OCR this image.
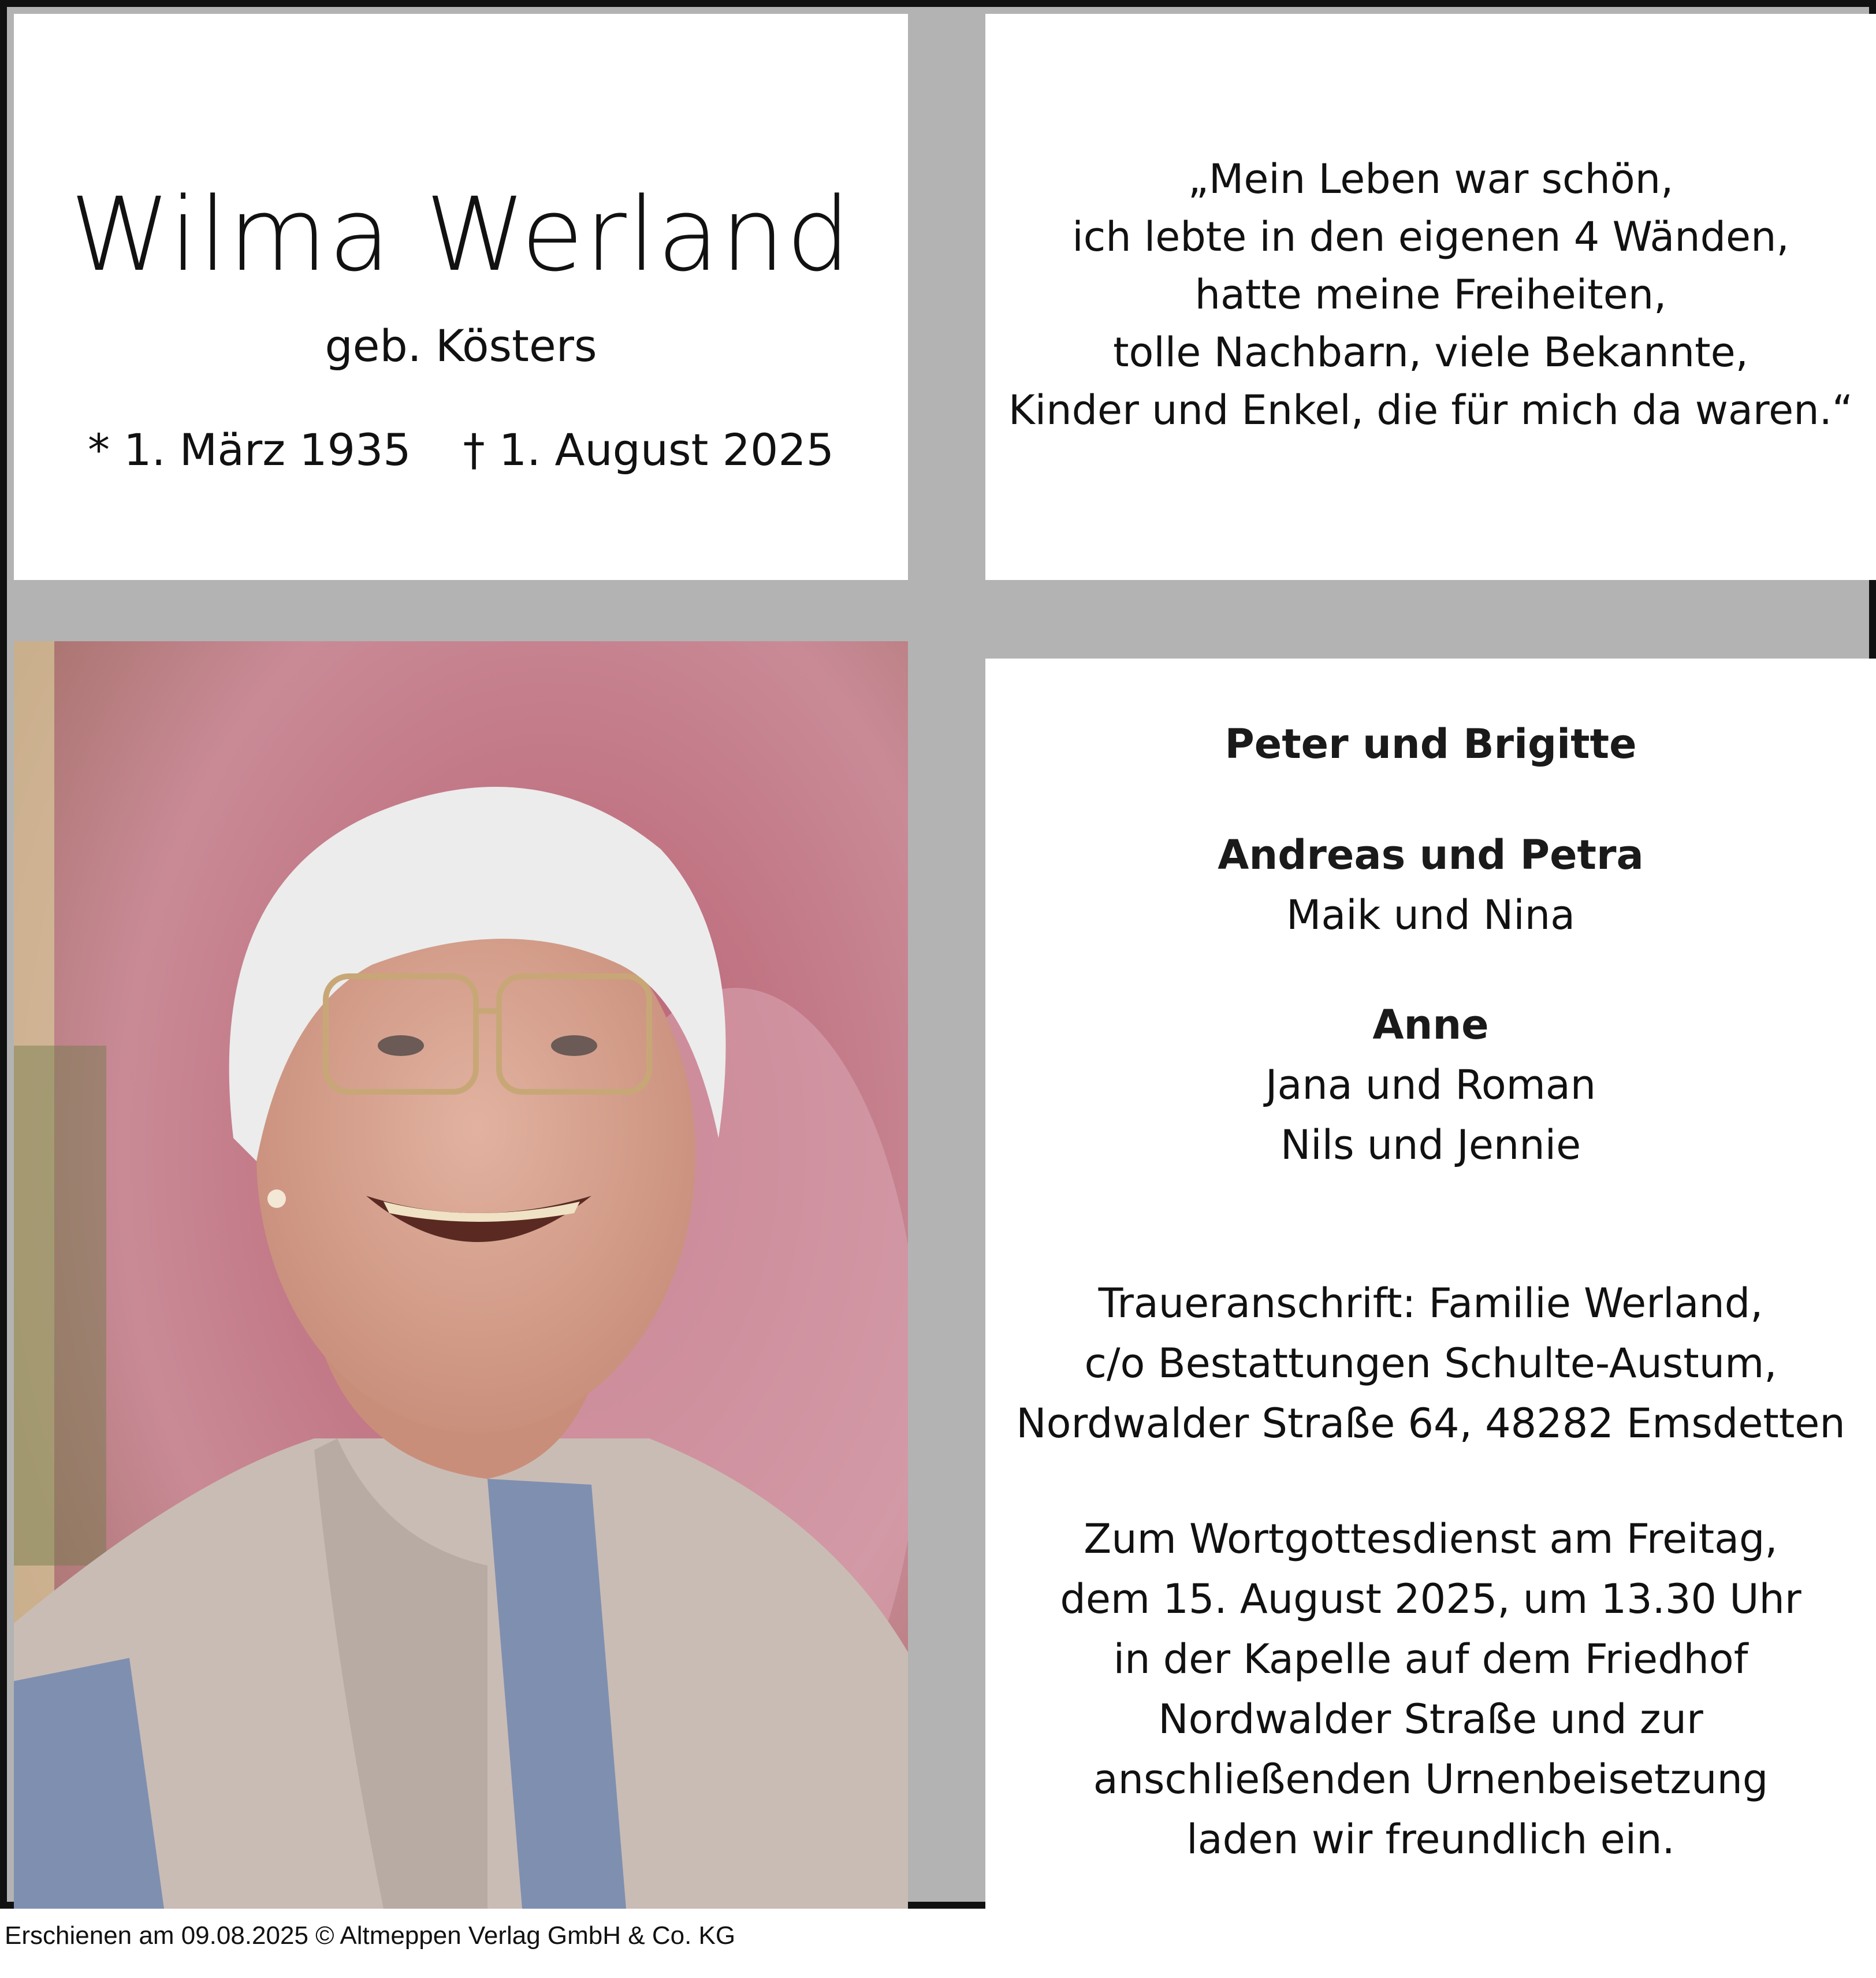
Wilma Werland
geb. Kösters
* 1. März 1935 † 1. August 2025
„Mein Leben war schön,
ich lebte in den eigenen 4 Wänden,
hatte meine Freiheiten,
tolle Nachbarn, viele Bekannte,
Kinder und Enkel, die für mich da waren.“
Peter und Brigitte
Andreas und Petra
Maik und Nina
Anne
Jana und Roman
Nils und Jennie
Traueranschrift: Familie Werland,
c/o Bestattungen Schulte-Austum,
Nordwalder Straße 64, 48282 Emsdetten
Zum Wortgottesdienst am Freitag,
dem 15. August 2025, um 13.30 Uhr
in der Kapelle auf dem Friedhof
Nordwalder Straße und zur
anschließenden Urnenbeisetzung
laden wir freundlich ein.
Erschienen am 09.08.2025 © Altmeppen Verlag GmbH & Co. KG
